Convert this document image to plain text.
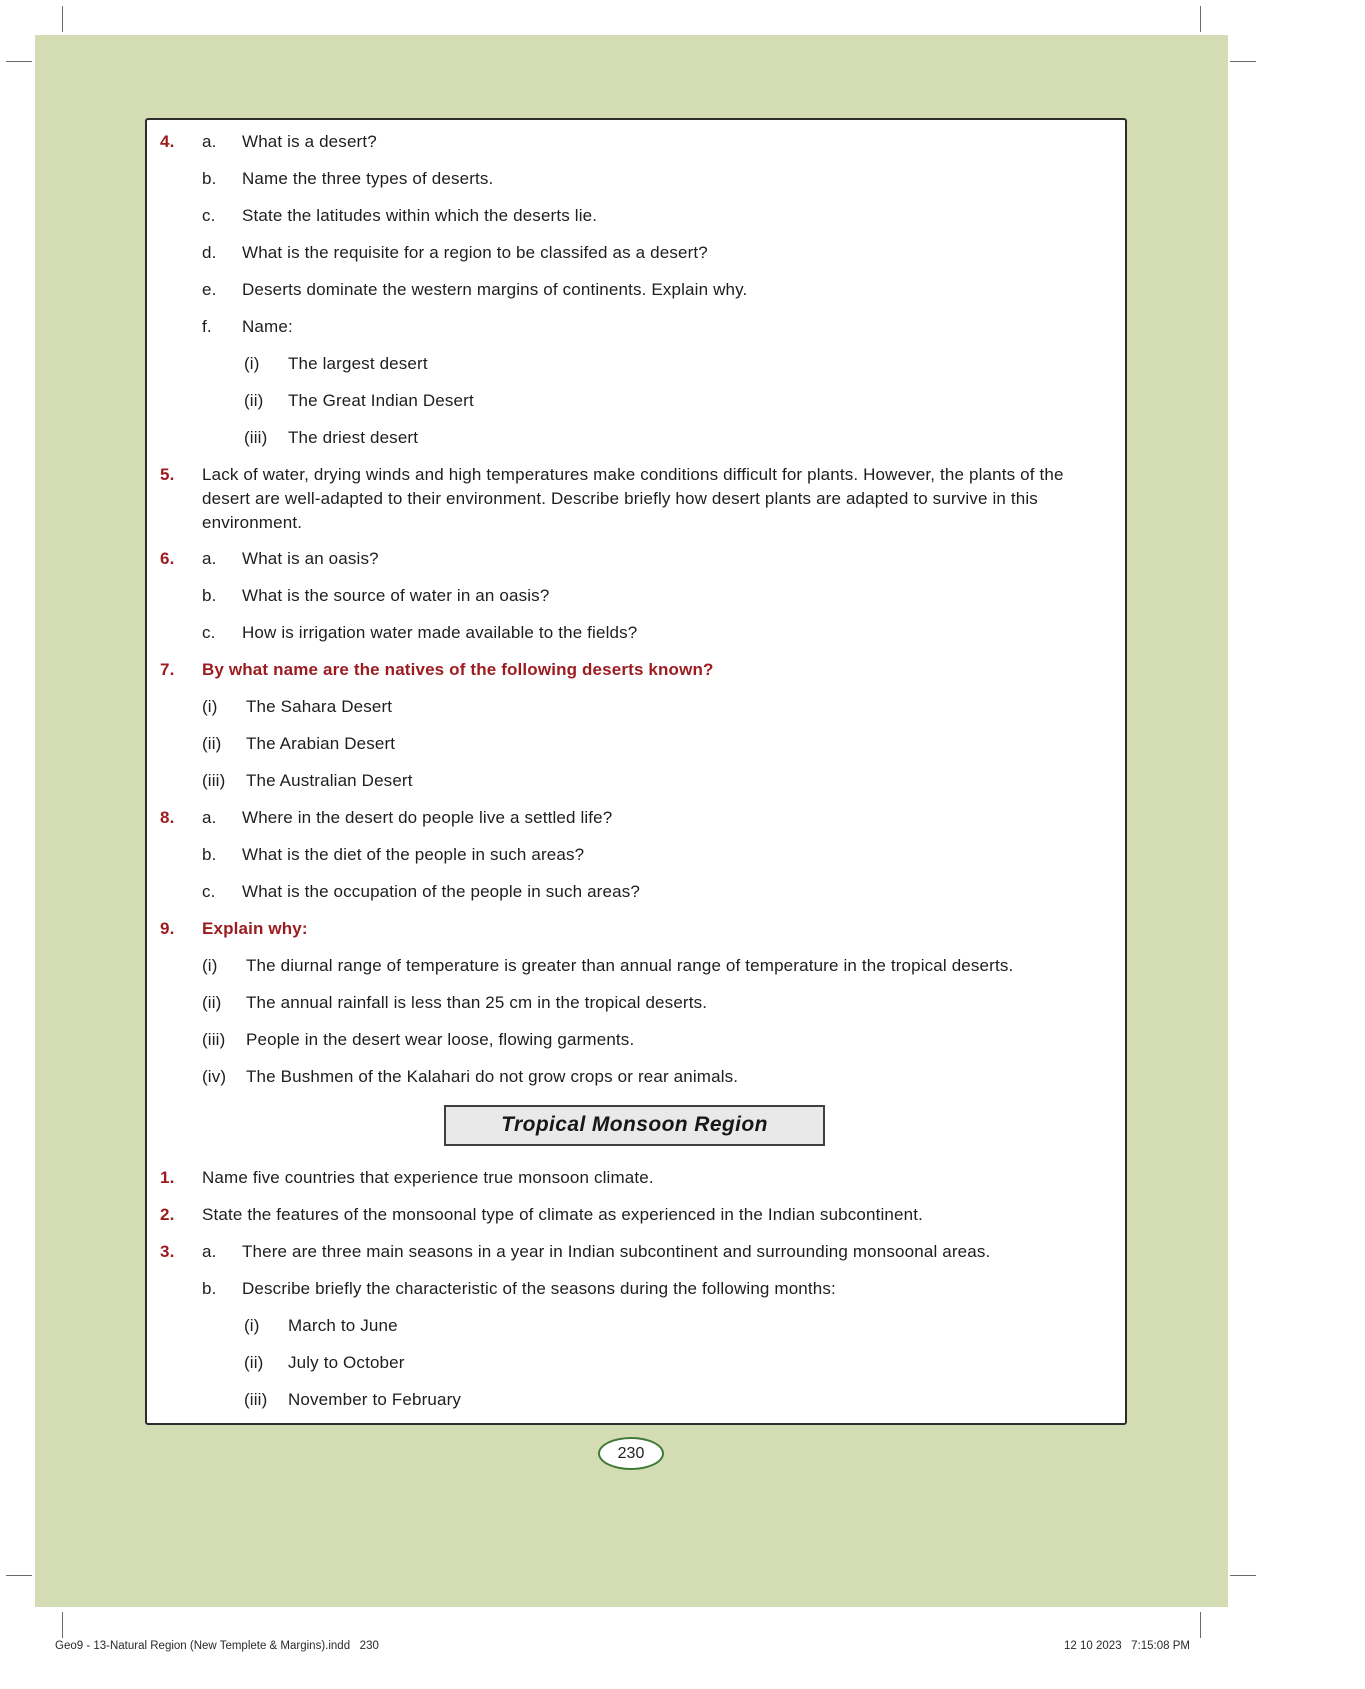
4.	a.	What is a desert?
b.	Name the three types of deserts.
c.	State the latitudes within which the deserts lie.
d.	What is the requisite for a region to be classifed as a desert?
e.	Deserts dominate the western margins of continents. Explain why.
f.	Name:
(i)	The largest desert
(ii)	The Great Indian Desert
(iii)	The driest desert
5.	Lack of water, drying winds and high temperatures make conditions difficult for plants. However, the plants of the desert are well-adapted to their environment. Describe briefly how desert plants are adapted to survive in this environment.
6.	a.	What is an oasis?
b.	What is the source of water in an oasis?
c.	How is irrigation water made available to the fields?
7.	By what name are the natives of the following deserts known?
(i)	The Sahara Desert
(ii)	The Arabian Desert
(iii)	The Australian Desert
8.	a.	Where in the desert do people live a settled life?
b.	What is the diet of the people in such areas?
c.	What is the occupation of the people in such areas?
9.	Explain why:
(i)	The diurnal range of temperature is greater than annual range of temperature in the tropical deserts.
(ii)	The annual rainfall is less than 25 cm in the tropical deserts.
(iii)	People in the desert wear loose, flowing garments.
(iv)	The Bushmen of the Kalahari do not grow crops or rear animals.
Tropical Monsoon Region
1.	Name five countries that experience true monsoon climate.
2.	State the features of the monsoonal type of climate as experienced in the Indian subcontinent.
3.	a.	There are three main seasons in a year in Indian subcontinent and surrounding monsoonal areas.
b.	Describe briefly the characteristic of the seasons during the following months:
(i)	March to June
(ii)	July to October
(iii)	November to February
230
Geo9 - 13-Natural Region (New Templete & Margins).indd   230	12 10 2023   7:15:08 PM
